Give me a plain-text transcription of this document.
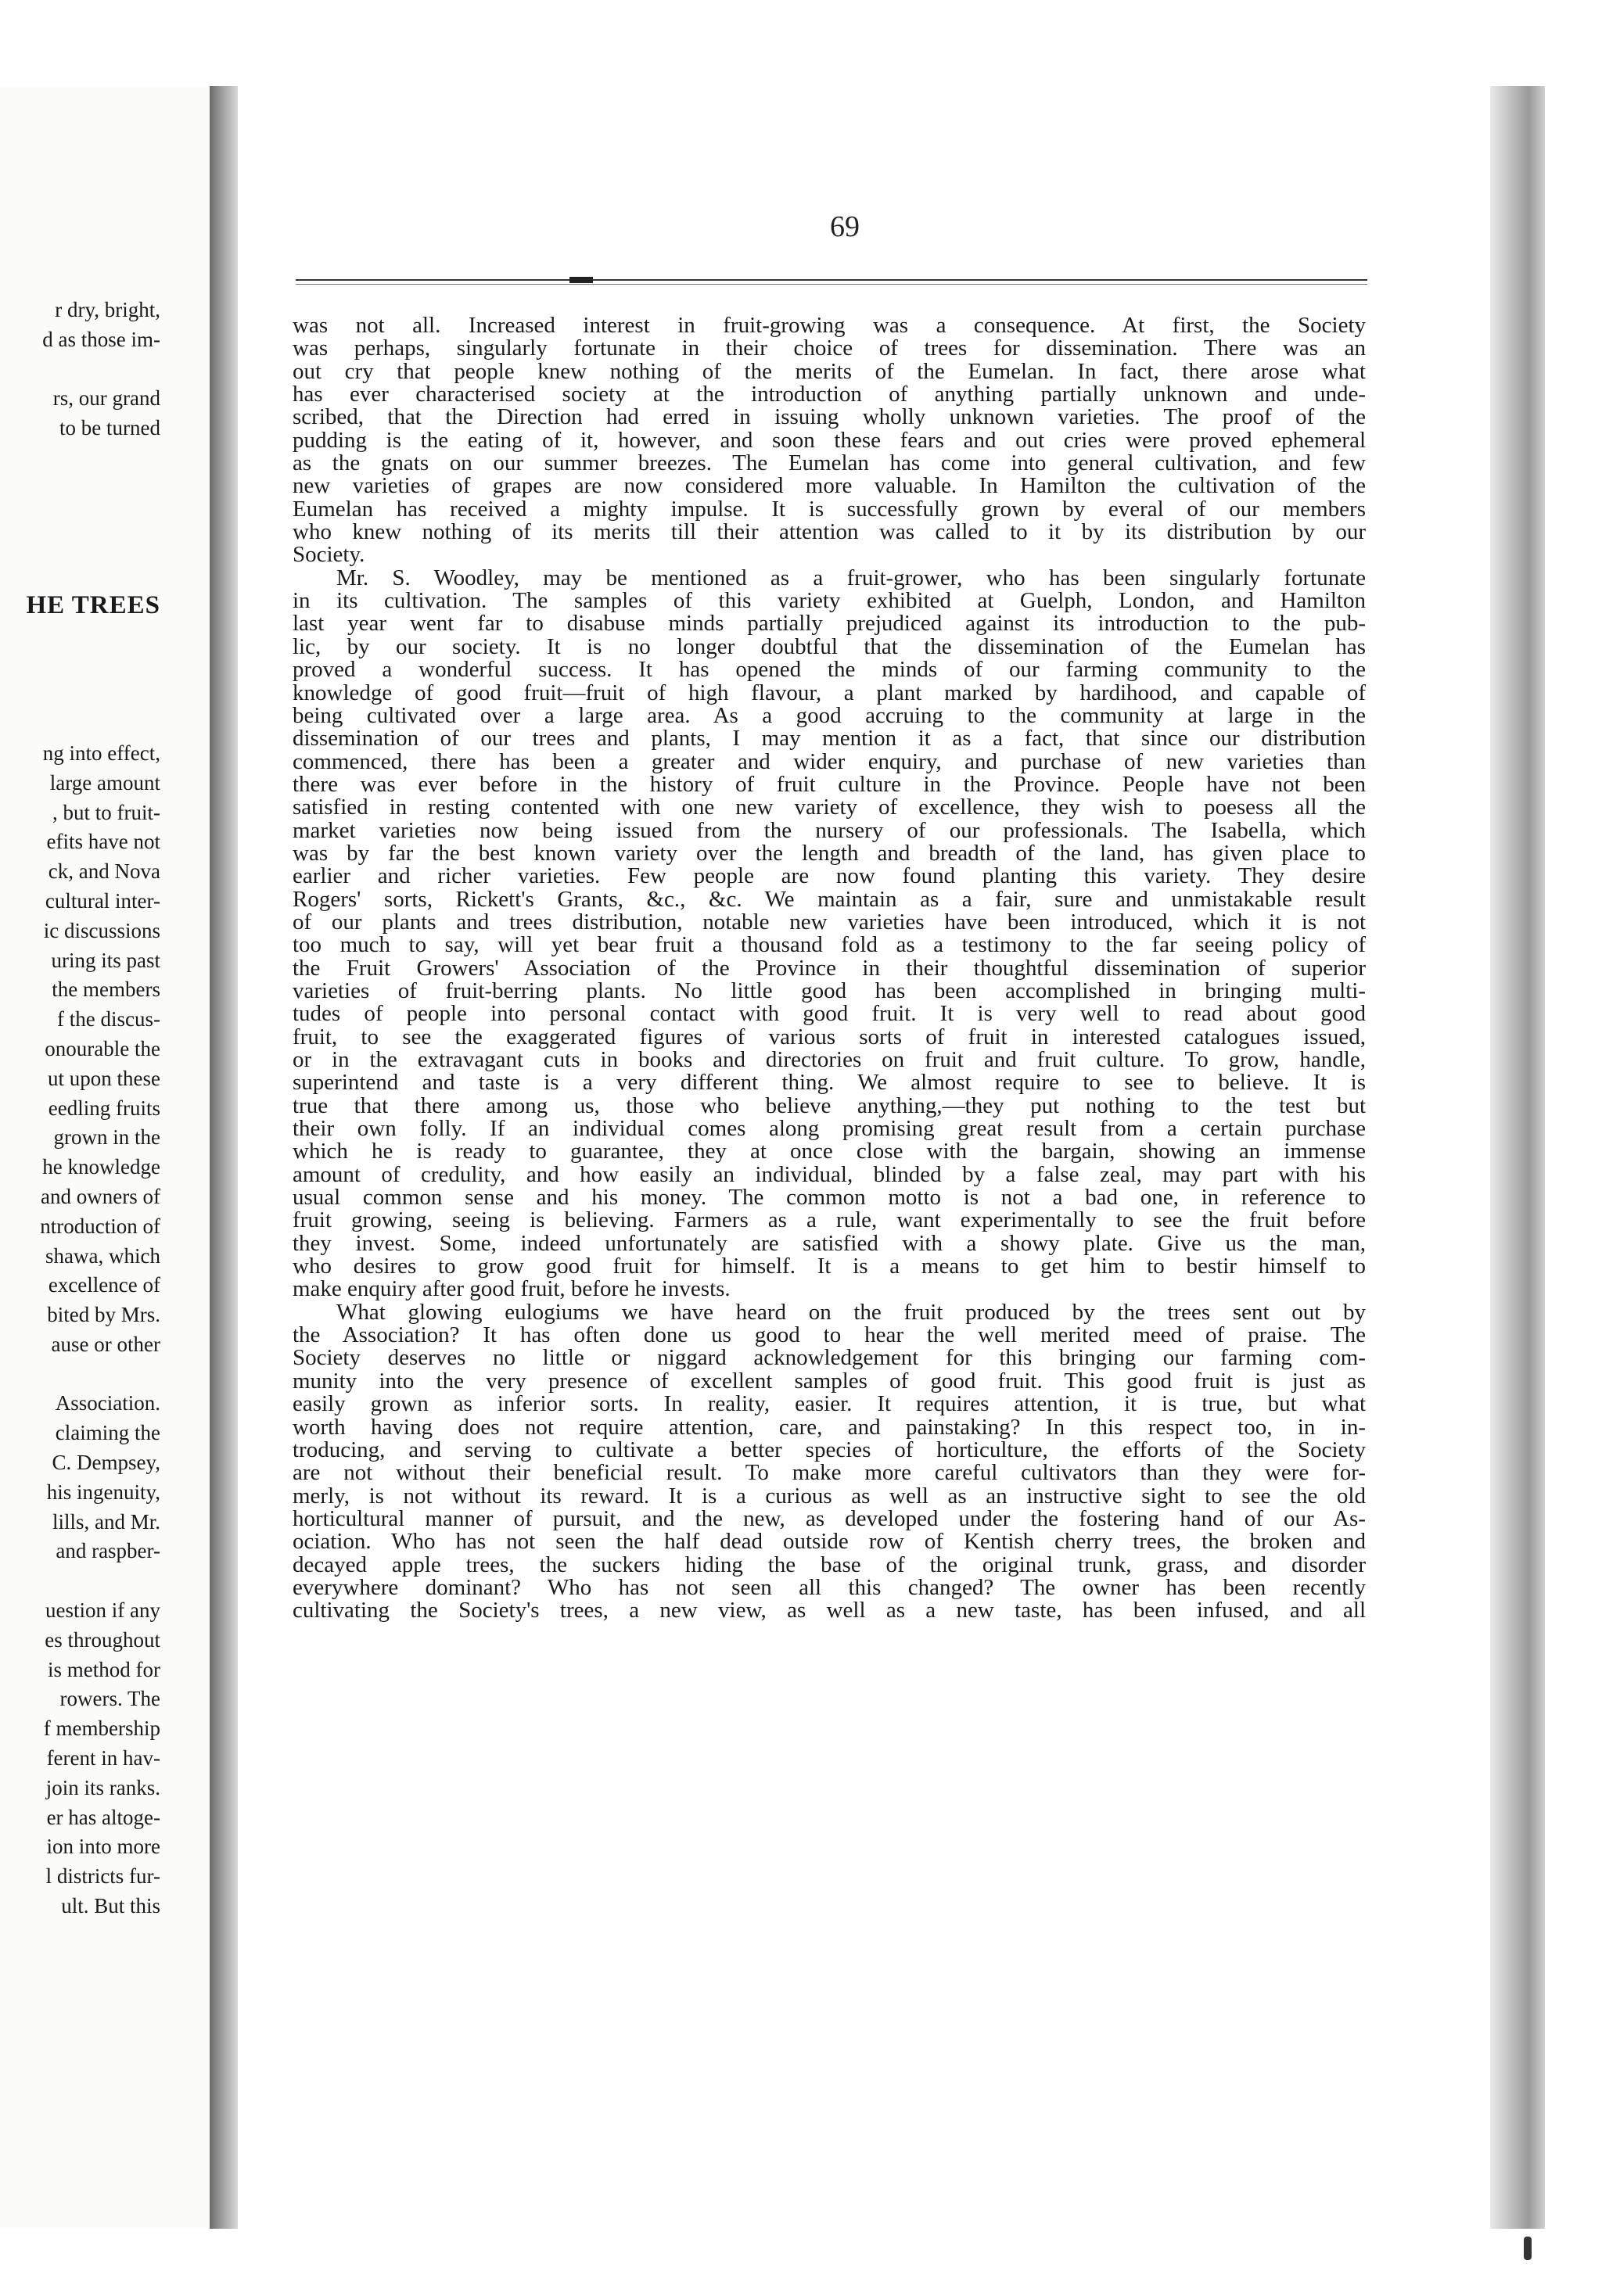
r dry, bright,
d as those im-
rs, our grand
to be turned
HE TREES
ng into effect,
large amount
, but to fruit-
efits have not
ck, and Nova
cultural inter-
ic discussions
uring its past
the members
f the discus-
onourable the
ut upon these
eedling fruits
grown in the
he knowledge
and owners of
ntroduction of
shawa, which
excellence of
bited by Mrs.
ause or other
Association.
claiming the
C. Dempsey,
his ingenuity,
lills, and Mr.
and raspber-
uestion if any
es throughout
is method for
rowers. The
f membership
ferent in hav-
join its ranks.
er has altoge-
ion into more
l districts fur-
ult. But this
69
was not all. Increased interest in fruit-growing was a consequence. At first, the Society
was perhaps, singularly fortunate in their choice of trees for dissemination. There was an
out cry that people knew nothing of the merits of the Eumelan. In fact, there arose what
has ever characterised society at the introduction of anything partially unknown and unde-
scribed, that the Direction had erred in issuing wholly unknown varieties. The proof of the
pudding is the eating of it, however, and soon these fears and out cries were proved ephemeral
as the gnats on our summer breezes. The Eumelan has come into general cultivation, and few
new varieties of grapes are now considered more valuable. In Hamilton the cultivation of the
Eumelan has received a mighty impulse. It is successfully grown by everal of our members
who knew nothing of its merits till their attention was called to it by its distribution by our
Society.
Mr. S. Woodley, may be mentioned as a fruit-grower, who has been singularly fortunate
in its cultivation. The samples of this variety exhibited at Guelph, London, and Hamilton
last year went far to disabuse minds partially prejudiced against its introduction to the pub-
lic, by our society. It is no longer doubtful that the dissemination of the Eumelan has
proved a wonderful success. It has opened the minds of our farming community to the
knowledge of good fruit—fruit of high flavour, a plant marked by hardihood, and capable of
being cultivated over a large area. As a good accruing to the community at large in the
dissemination of our trees and plants, I may mention it as a fact, that since our distribution
commenced, there has been a greater and wider enquiry, and purchase of new varieties than
there was ever before in the history of fruit culture in the Province. People have not been
satisfied in resting contented with one new variety of excellence, they wish to poesess all the
market varieties now being issued from the nursery of our professionals. The Isabella, which
was by far the best known variety over the length and breadth of the land, has given place to
earlier and richer varieties. Few people are now found planting this variety. They desire
Rogers' sorts, Rickett's Grants, &c., &c. We maintain as a fair, sure and unmistakable result
of our plants and trees distribution, notable new varieties have been introduced, which it is not
too much to say, will yet bear fruit a thousand fold as a testimony to the far seeing policy of
the Fruit Growers' Association of the Province in their thoughtful dissemination of superior
varieties of fruit-berring plants. No little good has been accomplished in bringing multi-
tudes of people into personal contact with good fruit. It is very well to read about good
fruit, to see the exaggerated figures of various sorts of fruit in interested catalogues issued,
or in the extravagant cuts in books and directories on fruit and fruit culture. To grow, handle,
superintend and taste is a very different thing. We almost require to see to believe. It is
true that there among us, those who believe anything,—they put nothing to the test but
their own folly. If an individual comes along promising great result from a certain purchase
which he is ready to guarantee, they at once close with the bargain, showing an immense
amount of credulity, and how easily an individual, blinded by a false zeal, may part with his
usual common sense and his money. The common motto is not a bad one, in reference to
fruit growing, seeing is believing. Farmers as a rule, want experimentally to see the fruit before
they invest. Some, indeed unfortunately are satisfied with a showy plate. Give us the man,
who desires to grow good fruit for himself. It is a means to get him to bestir himself to
make enquiry after good fruit, before he invests.
What glowing eulogiums we have heard on the fruit produced by the trees sent out by
the Association? It has often done us good to hear the well merited meed of praise. The
Society deserves no little or niggard acknowledgement for this bringing our farming com-
munity into the very presence of excellent samples of good fruit. This good fruit is just as
easily grown as inferior sorts. In reality, easier. It requires attention, it is true, but what
worth having does not require attention, care, and painstaking? In this respect too, in in-
troducing, and serving to cultivate a better species of horticulture, the efforts of the Society
are not without their beneficial result. To make more careful cultivators than they were for-
merly, is not without its reward. It is a curious as well as an instructive sight to see the old
horticultural manner of pursuit, and the new, as developed under the fostering hand of our As-
ociation. Who has not seen the half dead outside row of Kentish cherry trees, the broken and
decayed apple trees, the suckers hiding the base of the original trunk, grass, and disorder
everywhere dominant? Who has not seen all this changed? The owner has been recently
cultivating the Society's trees, a new view, as well as a new taste, has been infused, and all
